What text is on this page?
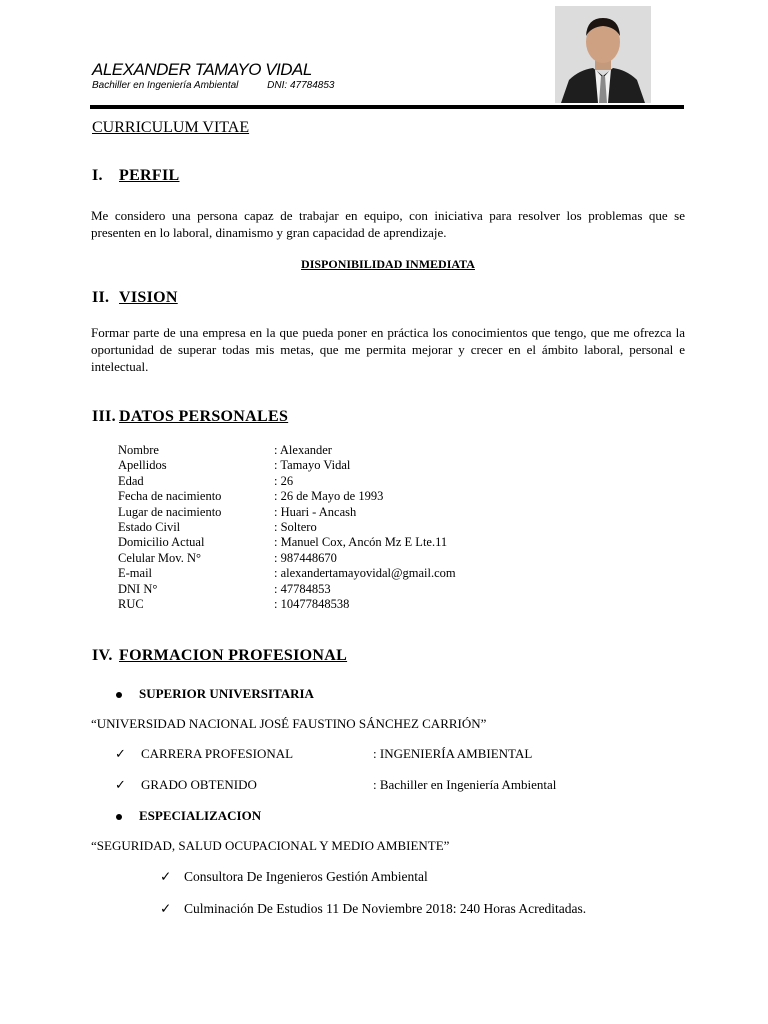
ALEXANDER TAMAYO VIDAL
Bachiller en Ingeniería Ambiental	DNI: 47784853
CURRICULUM VITAE
I. PERFIL
Me considero una persona capaz de trabajar en equipo, con iniciativa para resolver los problemas que se presenten en lo laboral, dinamismo y gran capacidad de aprendizaje.
DISPONIBILIDAD INMEDIATA
II. VISION
Formar parte de una empresa en la que pueda poner en práctica los conocimientos que tengo, que me ofrezca la oportunidad de superar todas mis metas, que me permita mejorar y crecer en el ámbito laboral, personal e intelectual.
III. DATOS PERSONALES
Nombre	: Alexander
Apellidos	: Tamayo Vidal
Edad	: 26
Fecha de nacimiento	: 26 de Mayo de 1993
Lugar de nacimiento	: Huari - Ancash
Estado Civil	: Soltero
Domicilio Actual	: Manuel Cox, Ancón Mz E Lte.11
Celular Mov. N°	: 987448670
E-mail	: alexandertamayovidal@gmail.com
DNI N°	: 47784853
RUC	: 10477848538
IV. FORMACION PROFESIONAL
SUPERIOR UNIVERSITARIA
“UNIVERSIDAD NACIONAL JOSÉ FAUSTINO SÁNCHEZ CARRIÓN”
✓	CARRERA PROFESIONAL	: INGENIERÍA AMBIENTAL
✓	GRADO OBTENIDO	: Bachiller en Ingeniería Ambiental
ESPECIALIZACION
“SEGURIDAD, SALUD OCUPACIONAL Y MEDIO AMBIENTE”
✓ Consultora De Ingenieros Gestión Ambiental
✓ Culminación De Estudios 11 De Noviembre 2018: 240 Horas Acreditadas.
